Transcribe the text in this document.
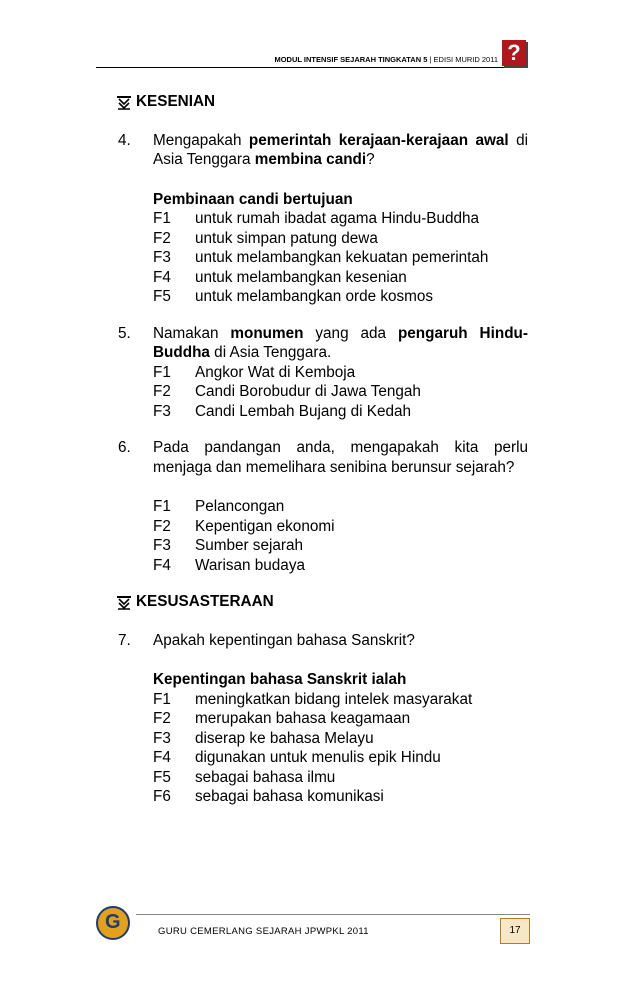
MODUL INTENSIF SEJARAH TINGKATAN 5 | EDISI MURID 2011 ?
KESENIAN
4.	Mengapakah pemerintah kerajaan-kerajaan awal di Asia Tenggara membina candi?
Pembinaan candi bertujuan
F1	untuk rumah ibadat agama Hindu-Buddha
F2	untuk simpan patung dewa
F3	untuk melambangkan kekuatan pemerintah
F4	untuk melambangkan kesenian
F5	untuk melambangkan orde kosmos
5.	Namakan monumen yang ada pengaruh Hindu-Buddha di Asia Tenggara.
F1	Angkor Wat di Kemboja
F2	Candi Borobudur di Jawa Tengah
F3	Candi Lembah Bujang di Kedah
6.	Pada pandangan anda, mengapakah kita perlu menjaga dan memelihara senibina berunsur sejarah?
F1	Pelancongan
F2	Kepentigan ekonomi
F3	Sumber sejarah
F4	Warisan budaya
KESUSASTERAAN
7.	Apakah kepentingan bahasa Sanskrit?
Kepentingan bahasa Sanskrit ialah
F1	meningkatkan bidang intelek masyarakat
F2	merupakan bahasa keagamaan
F3	diserap ke bahasa Melayu
F4	digunakan untuk menulis epik Hindu
F5	sebagai bahasa ilmu
F6	sebagai bahasa komunikasi
G	GURU CEMERLANG SEJARAH JPWPKL 2011	17
